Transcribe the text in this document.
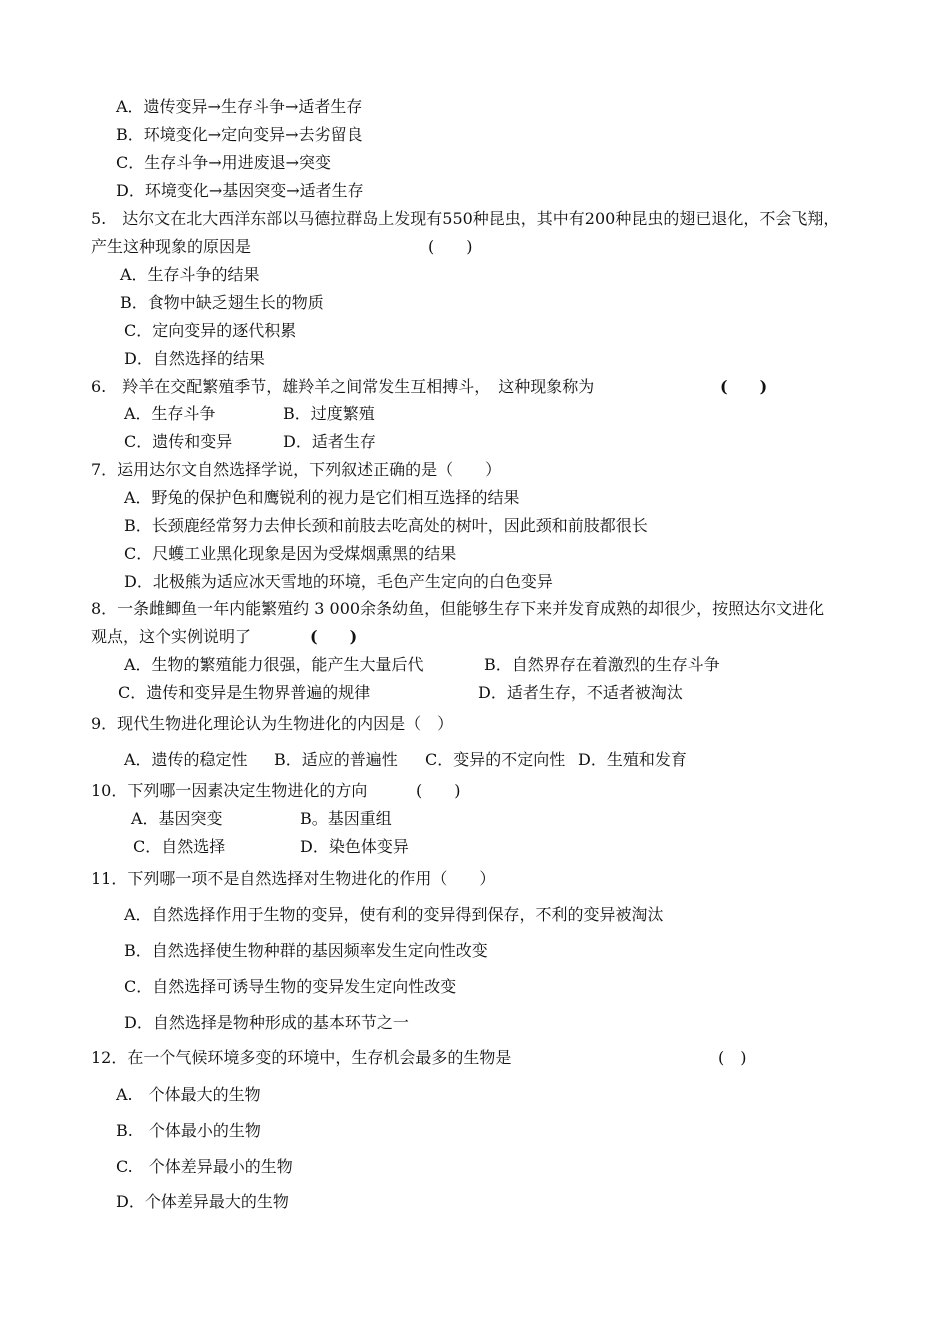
A．遗传变异→生存斗争→适者生存
B．环境变化→定向变异→去劣留良
C．生存斗争→用进废退→突变
D．环境变化→基因突变→适者生存
5.　达尔文在北大西洋东部以马德拉群岛上发现有550种昆虫，其中有200种昆虫的翅已退化，不会飞翔，
产生这种现象的原因是	(　　)
A．生存斗争的结果
B．食物中缺乏翅生长的物质
C．定向变异的逐代积累
D．自然选择的结果
6.　羚羊在交配繁殖季节，雄羚羊之间常发生互相搏斗，　这种现象称为	(　　)
A．生存斗争	B．过度繁殖
C．遗传和变异	D．适者生存
7．运用达尔文自然选择学说，下列叙述正确的是（　　）
A．野兔的保护色和鹰锐利的视力是它们相互选择的结果
B．长颈鹿经常努力去伸长颈和前肢去吃高处的树叶，因此颈和前肢都很长
C．尺蠖工业黑化现象是因为受煤烟熏黑的结果
D．北极熊为适应冰天雪地的环境，毛色产生定向的白色变异
8．一条雌鲫鱼一年内能繁殖约 3 000余条幼鱼，但能够生存下来并发育成熟的却很少，按照达尔文进化
观点，这个实例说明了	(　　)
A．生物的繁殖能力很强，能产生大量后代	B．自然界存在着激烈的生存斗争
C．遗传和变异是生物界普遍的规律	D．适者生存，不适者被淘汰
9．现代生物进化理论认为生物进化的内因是（　）
A．遗传的稳定性 B．适应的普遍性 C．变异的不定向性 D．生殖和发育
10．下列哪一因素决定生物进化的方向	(　　)
A．基因突变	B。基因重组
C．自然选择	D．染色体变异
11．下列哪一项不是自然选择对生物进化的作用（　　）
A．自然选择作用于生物的变异，使有利的变异得到保存，不利的变异被淘汰
B．自然选择使生物种群的基因频率发生定向性改变
C．自然选择可诱导生物的变异发生定向性改变
D．自然选择是物种形成的基本环节之一
12．在一个气候环境多变的环境中，生存机会最多的生物是	(　)
A.　个体最大的生物
B.　个体最小的生物
C.　个体差异最小的生物
D．个体差异最大的生物
